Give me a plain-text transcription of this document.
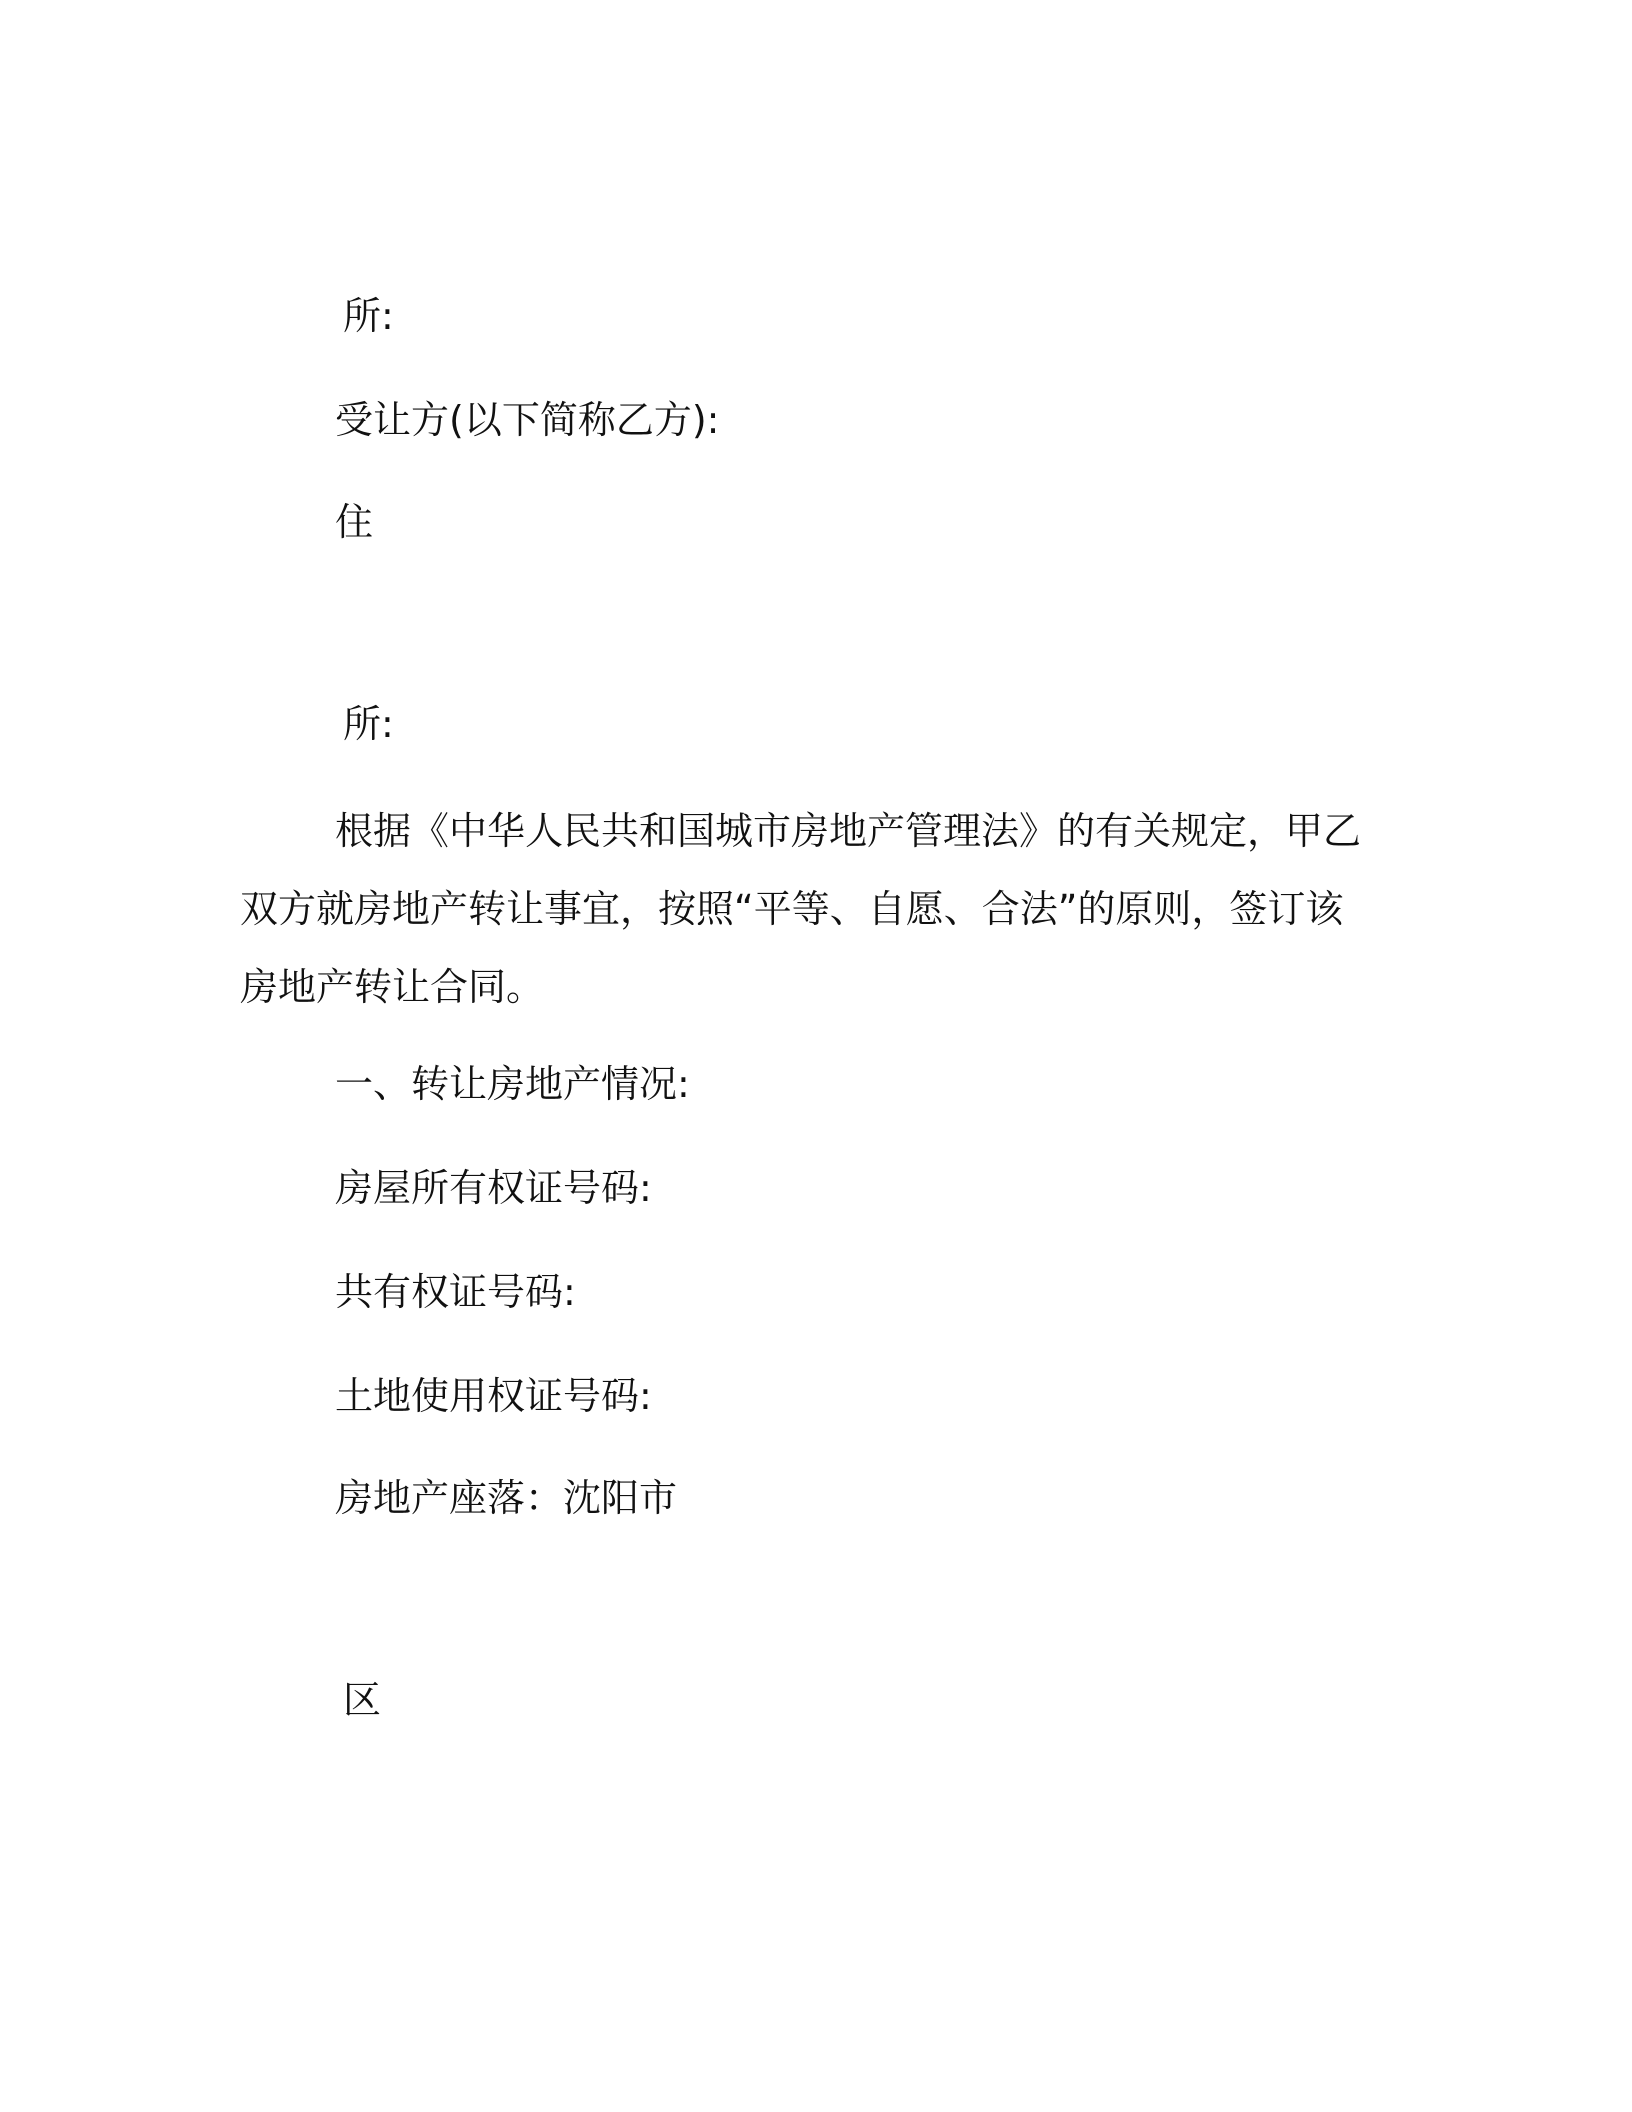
所:
受让方(以下简称乙方):
住
所:
根据《中华人民共和国城市房地产管理法》的有关规定，甲乙双方就房地产转让事宜，按照“平等、自愿、合法”的原则，签订该房地产转让合同。
一、转让房地产情况:
房屋所有权证号码:
共有权证号码:
土地使用权证号码:
房地产座落：沈阳市
区
